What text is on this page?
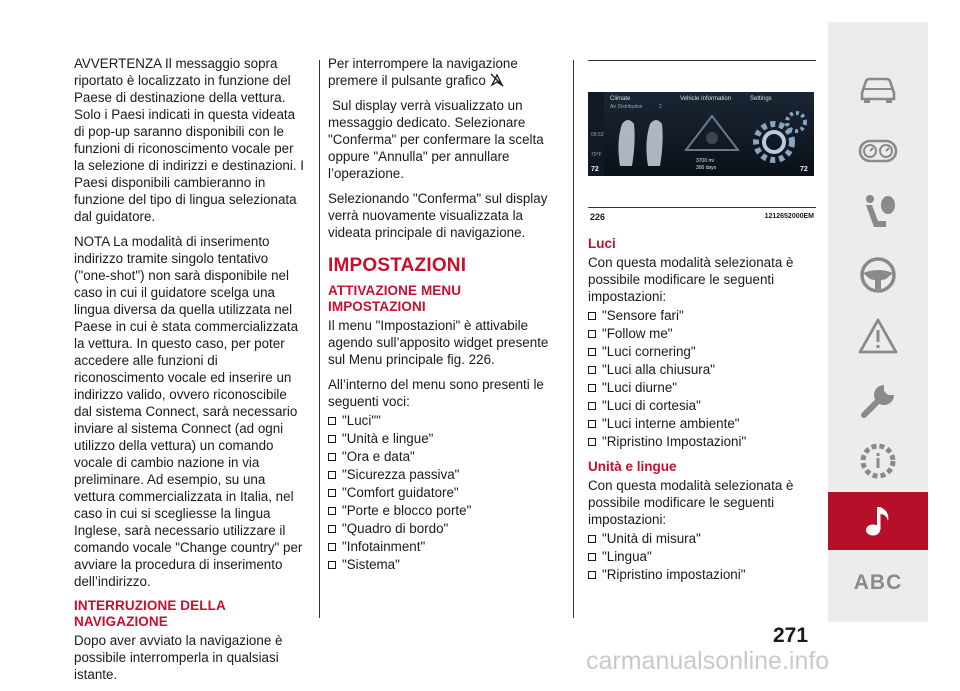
AVVERTENZA Il messaggio sopra riportato è localizzato in funzione del Paese di destinazione della vettura. Solo i Paesi indicati in questa videata di pop-up saranno disponibili con le funzioni di riconoscimento vocale per la selezione di indirizzi e destinazioni. I Paesi disponibili cambieranno in funzione del tipo di lingua selezionata dal guidatore.

NOTA La modalità di inserimento indirizzo tramite singolo tentativo ("one-shot") non sarà disponibile nel caso in cui il guidatore scelga una lingua diversa da quella utilizzata nel Paese in cui è stata commercializzata la vettura. In questo caso, per poter accedere alle funzioni di riconoscimento vocale ed inserire un indirizzo valido, ovvero riconoscibile dal sistema Connect, sarà necessario inviare al sistema Connect (ad ogni utilizzo della vettura) un comando vocale di cambio nazione in via preliminare. Ad esempio, su una vettura commercializzata in Italia, nel caso in cui si scegliesse la lingua Inglese, sarà necessario utilizzare il comando vocale "Change country" per avviare la procedura di inserimento dell’indirizzo.

INTERRUZIONE DELLA NAVIGAZIONE

Dopo aver avviato la navigazione è possibile interromperla in qualsiasi istante.

Per interrompere la navigazione premere il pulsante grafico

Sul display verrà visualizzato un messaggio dedicato. Selezionare "Conferma" per confermare la scelta oppure "Annulla" per annullare l’operazione.

Selezionando "Conferma" sul display verrà nuovamente visualizzata la videata principale di navigazione.

IMPOSTAZIONI
ATTIVAZIONE MENU IMPOSTAZIONI

Il menu "Impostazioni" è attivabile agendo sull’apposito widget presente sul Menu principale fig. 226.

All’interno del menu sono presenti le seguenti voci:

"Luci""
"Unità e lingue"
"Ora e data"
"Sicurezza passiva"
"Comfort guidatore"
"Porte e blocco porte"
"Quadro di bordo"
"Infotainment"
"Sistema"
Climate
Air Distribution	2
Vehicle Information	Settings
09:53
70°F
72	72
3700 mi
300 days
226	1212652000EM
Luci

Con questa modalità selezionata è possibile modificare le seguenti impostazioni:

"Sensore fari"
"Follow me"
"Luci cornering"
"Luci alla chiusura"
"Luci diurne"
"Luci di cortesia"
"Luci interne ambiente"
"Ripristino Impostazioni"
Unità e lingue

Con questa modalità selezionata è possibile modificare le seguenti impostazioni:

"Unità di misura"
"Lingua"
"Ripristino impostazioni"	ABC
271
carmanualsonline.info
